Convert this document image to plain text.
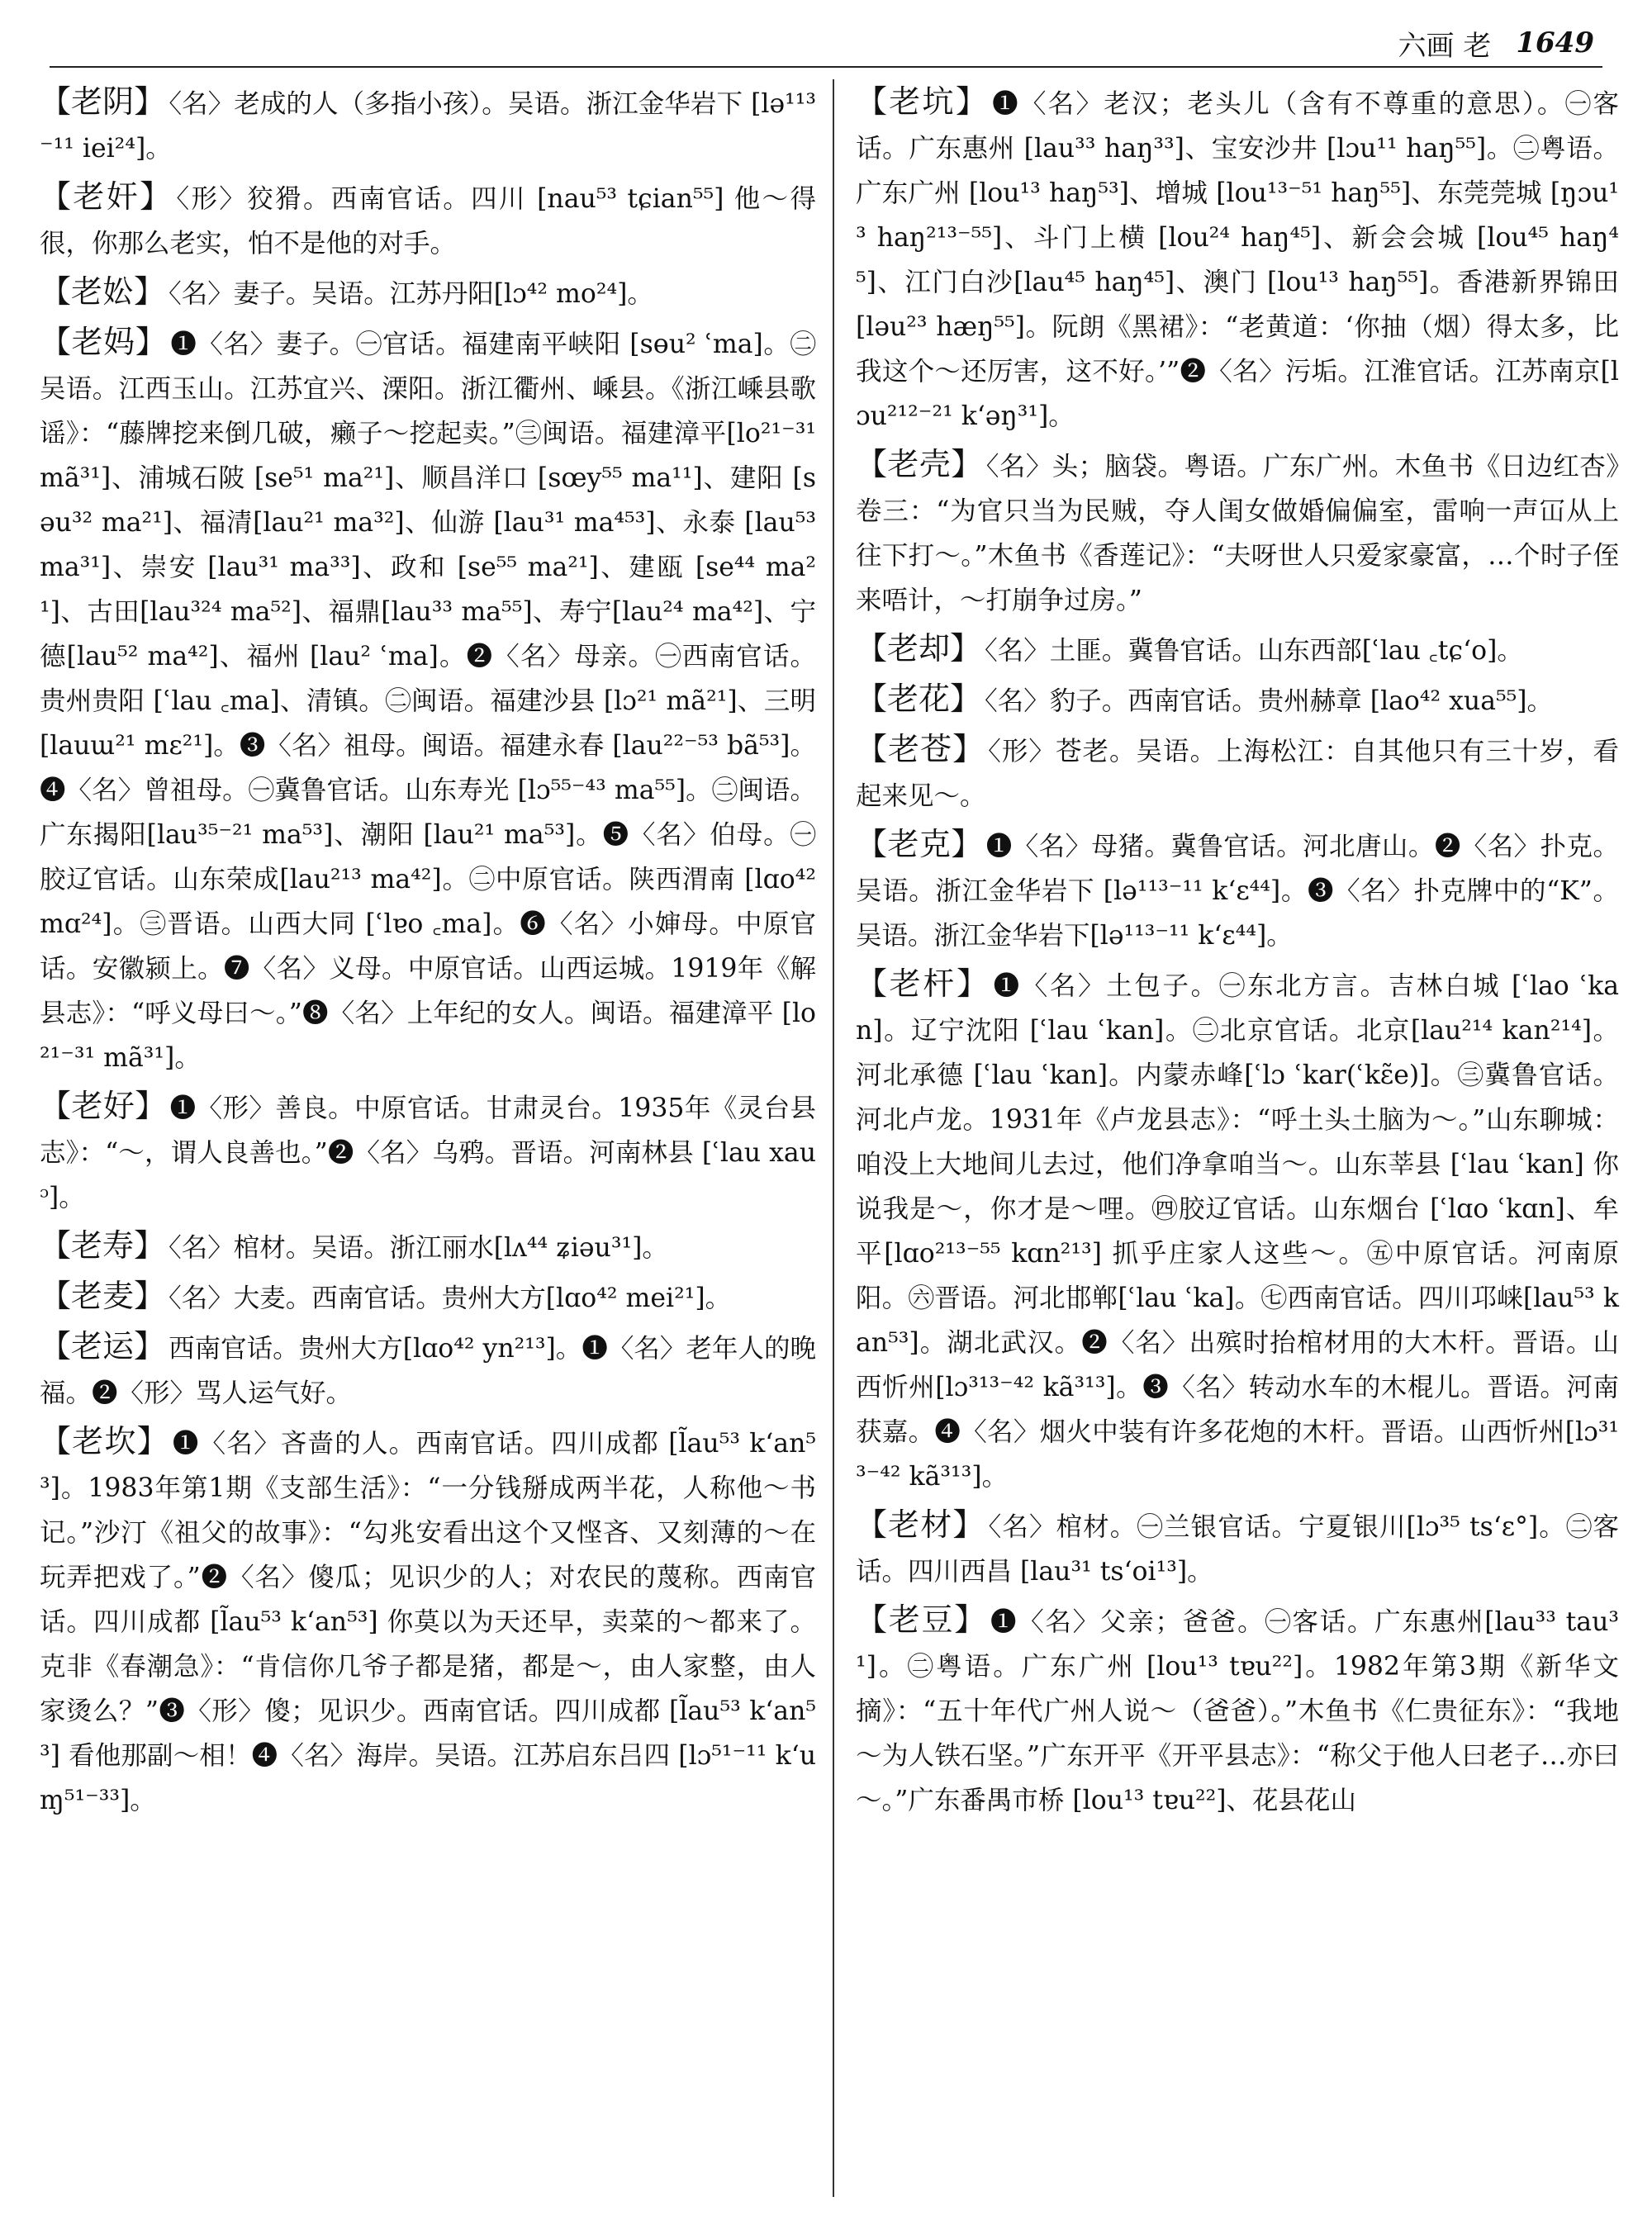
六画 老 1649

【老阴】 〈名〉老成的人（多指小孩）。吴语。浙江金华岩下 [lə¹¹³⁻¹¹ iei²⁴]。

【老奸】 〈形〉狡猾。西南官话。四川 [nau⁵³ tɕian⁵⁵] 他～得很，你那么老实，怕不是他的对手。

【老妐】 〈名〉妻子。吴语。江苏丹阳[lɔ⁴² mo²⁴]。

【老妈】 ❶〈名〉妻子。㊀官话。福建南平峡阳 [sɵu² ʿma]。㊁吴语。江西玉山。江苏宜兴、溧阳。浙江衢州、嵊县。《浙江嵊县歌谣》：“藤牌挖来倒几破，癞子～挖起卖。”㊂闽语。福建漳平[lo²¹⁻³¹ mã³¹]、浦城石陂 [se⁵¹ ma²¹]、顺昌洋口 [sœy⁵⁵ ma¹¹]、建阳 [səu³² ma²¹]、福清[lau²¹ ma³²]、仙游 [lau³¹ ma⁴⁵³]、永泰 [lau⁵³ ma³¹]、崇安 [lau³¹ ma³³]、政和 [se⁵⁵ ma²¹]、建瓯 [se⁴⁴ ma²¹]、古田[lau³²⁴ ma⁵²]、福鼎[lau³³ ma⁵⁵]、寿宁[lau²⁴ ma⁴²]、宁德[lau⁵² ma⁴²]、福州 [lau² ʿma]。❷〈名〉母亲。㊀西南官话。贵州贵阳 [ʿlau ꜀ma]、清镇。㊁闽语。福建沙县 [lɔ²¹ mã²¹]、三明[lauɯ²¹ mɛ²¹]。❸〈名〉祖母。闽语。福建永春 [lau²²⁻⁵³ bã⁵³]。❹〈名〉曾祖母。㊀冀鲁官话。山东寿光 [lɔ⁵⁵⁻⁴³ ma⁵⁵]。㊁闽语。广东揭阳[lau³⁵⁻²¹ ma⁵³]、潮阳 [lau²¹ ma⁵³]。❺〈名〉伯母。㊀胶辽官话。山东荣成[lau²¹³ ma⁴²]。㊁中原官话。陕西渭南 [lɑo⁴² mɑ²⁴]。㊂晋语。山西大同 [ʿlɐo ꜀ma]。❻〈名〉小婶母。中原官话。安徽颍上。❼〈名〉义母。中原官话。山西运城。1919年《解县志》：“呼义母曰～。”❽〈名〉上年纪的女人。闽语。福建漳平 [lo²¹⁻³¹ mã³¹]。

【老好】 ❶〈形〉善良。中原官话。甘肃灵台。1935年《灵台县志》：“～，谓人良善也。”❷〈名〉乌鸦。晋语。河南林县 [ʿlau xauᵓ]。

【老寿】 〈名〉棺材。吴语。浙江丽水[lʌ⁴⁴ ʑiəu³¹]。

【老麦】 〈名〉大麦。西南官话。贵州大方[lɑo⁴² mei²¹]。

【老运】 西南官话。贵州大方[lɑo⁴² yn²¹³]。❶〈名〉老年人的晚福。❷〈形〉骂人运气好。

【老坎】 ❶〈名〉吝啬的人。西南官话。四川成都 [l̃au⁵³ kʻan⁵³]。1983年第1期《支部生活》：“一分钱掰成两半花，人称他～书记。”沙汀《祖父的故事》：“勾兆安看出这个又悭吝、又刻薄的～在玩弄把戏了。”❷〈名〉傻瓜；见识少的人；对农民的蔑称。西南官话。四川成都 [l̃au⁵³ kʻan⁵³] 你莫以为天还早，卖菜的～都来了。克非《春潮急》：“肯信你几爷子都是猪，都是～，由人家整，由人家烫么？”❸〈形〉傻；见识少。西南官话。四川成都 [l̃au⁵³ kʻan⁵³] 看他那副～相！❹〈名〉海岸。吴语。江苏启东吕四 [lɔ⁵¹⁻¹¹ kʻuɱ⁵¹⁻³³]。

【老坑】 ❶〈名〉老汉；老头儿（含有不尊重的意思）。㊀客话。广东惠州 [lau³³ haŋ³³]、宝安沙井 [lɔu¹¹ haŋ⁵⁵]。㊁粤语。广东广州 [lou¹³ haŋ⁵³]、增城 [lou¹³⁻⁵¹ haŋ⁵⁵]、东莞莞城 [ŋɔu¹³ haŋ²¹³⁻⁵⁵]、斗门上横 [lou²⁴ haŋ⁴⁵]、新会会城 [lou⁴⁵ haŋ⁴⁵]、江门白沙[lau⁴⁵ haŋ⁴⁵]、澳门 [lou¹³ haŋ⁵⁵]。香港新界锦田 [ləu²³ hæŋ⁵⁵]。阮朗《黑裙》：“老黄道：‘你抽（烟）得太多，比我这个～还厉害，这不好。’”❷〈名〉污垢。江淮官话。江苏南京[lɔu²¹²⁻²¹ kʻəŋ³¹]。

【老壳】 〈名〉头；脑袋。粤语。广东广州。木鱼书《日边红杏》卷三：“为官只当为民贼，夺人闺女做婚偏偏室，雷响一声冚从上往下打～。”木鱼书《香莲记》：“夫呀世人只爱家豪富，…个时子侄来唔计，～打崩争过房。”

【老却】 〈名〉土匪。冀鲁官话。山东西部[ʿlau ꜀tɕʻo]。

【老花】 〈名〉豹子。西南官话。贵州赫章 [lao⁴² xua⁵⁵]。

【老苍】 〈形〉苍老。吴语。上海松江：自其他只有三十岁，看起来见～。

【老克】 ❶〈名〉母猪。冀鲁官话。河北唐山。❷〈名〉扑克。吴语。浙江金华岩下 [lə¹¹³⁻¹¹ kʻɛ⁴⁴]。❸〈名〉扑克牌中的“K”。吴语。浙江金华岩下[lə¹¹³⁻¹¹ kʻɛ⁴⁴]。

【老杆】 ❶〈名〉土包子。㊀东北方言。吉林白城 [ʿlao ʿkan]。辽宁沈阳 [ʿlau ʿkan]。㊁北京官话。北京[lau²¹⁴ kan²¹⁴]。河北承德 [ʿlau ʿkan]。内蒙赤峰[ʿlɔ ʿkar(ʿkɛ̃e)]。㊂冀鲁官话。河北卢龙。1931年《卢龙县志》：“呼土头土脑为～。”山东聊城：咱没上大地间儿去过，他们净拿咱当～。山东莘县 [ʿlau ʿkan] 你说我是～，你才是～哩。㊃胶辽官话。山东烟台 [ʿlɑo ʿkɑn]、牟平[lɑo²¹³⁻⁵⁵ kɑn²¹³] 抓乎庄家人这些～。㊄中原官话。河南原阳。㊅晋语。河北邯郸[ʿlau ʿka]。㊆西南官话。四川邛崃[lau⁵³ kan⁵³]。湖北武汉。❷〈名〉出殡时抬棺材用的大木杆。晋语。山西忻州[lɔ³¹³⁻⁴² kã³¹³]。❸〈名〉转动水车的木棍儿。晋语。河南获嘉。❹〈名〉烟火中装有许多花炮的木杆。晋语。山西忻州[lɔ³¹³⁻⁴² kã³¹³]。

【老材】 〈名〉棺材。㊀兰银官话。宁夏银川[lɔ³⁵ tsʻɛ°]。㊁客话。四川西昌 [lau³¹ tsʻoi¹³]。

【老豆】 ❶〈名〉父亲；爸爸。㊀客话。广东惠州[lau³³ tau³¹]。㊁粤语。广东广州 [lou¹³ tɐu²²]。1982年第3期《新华文摘》：“五十年代广州人说～（爸爸）。”木鱼书《仁贵征东》：“我地～为人铁石坚。”广东开平《开平县志》：“称父于他人曰老子…亦曰～。”广东番禺市桥 [lou¹³ tɐu²²]、花县花山
